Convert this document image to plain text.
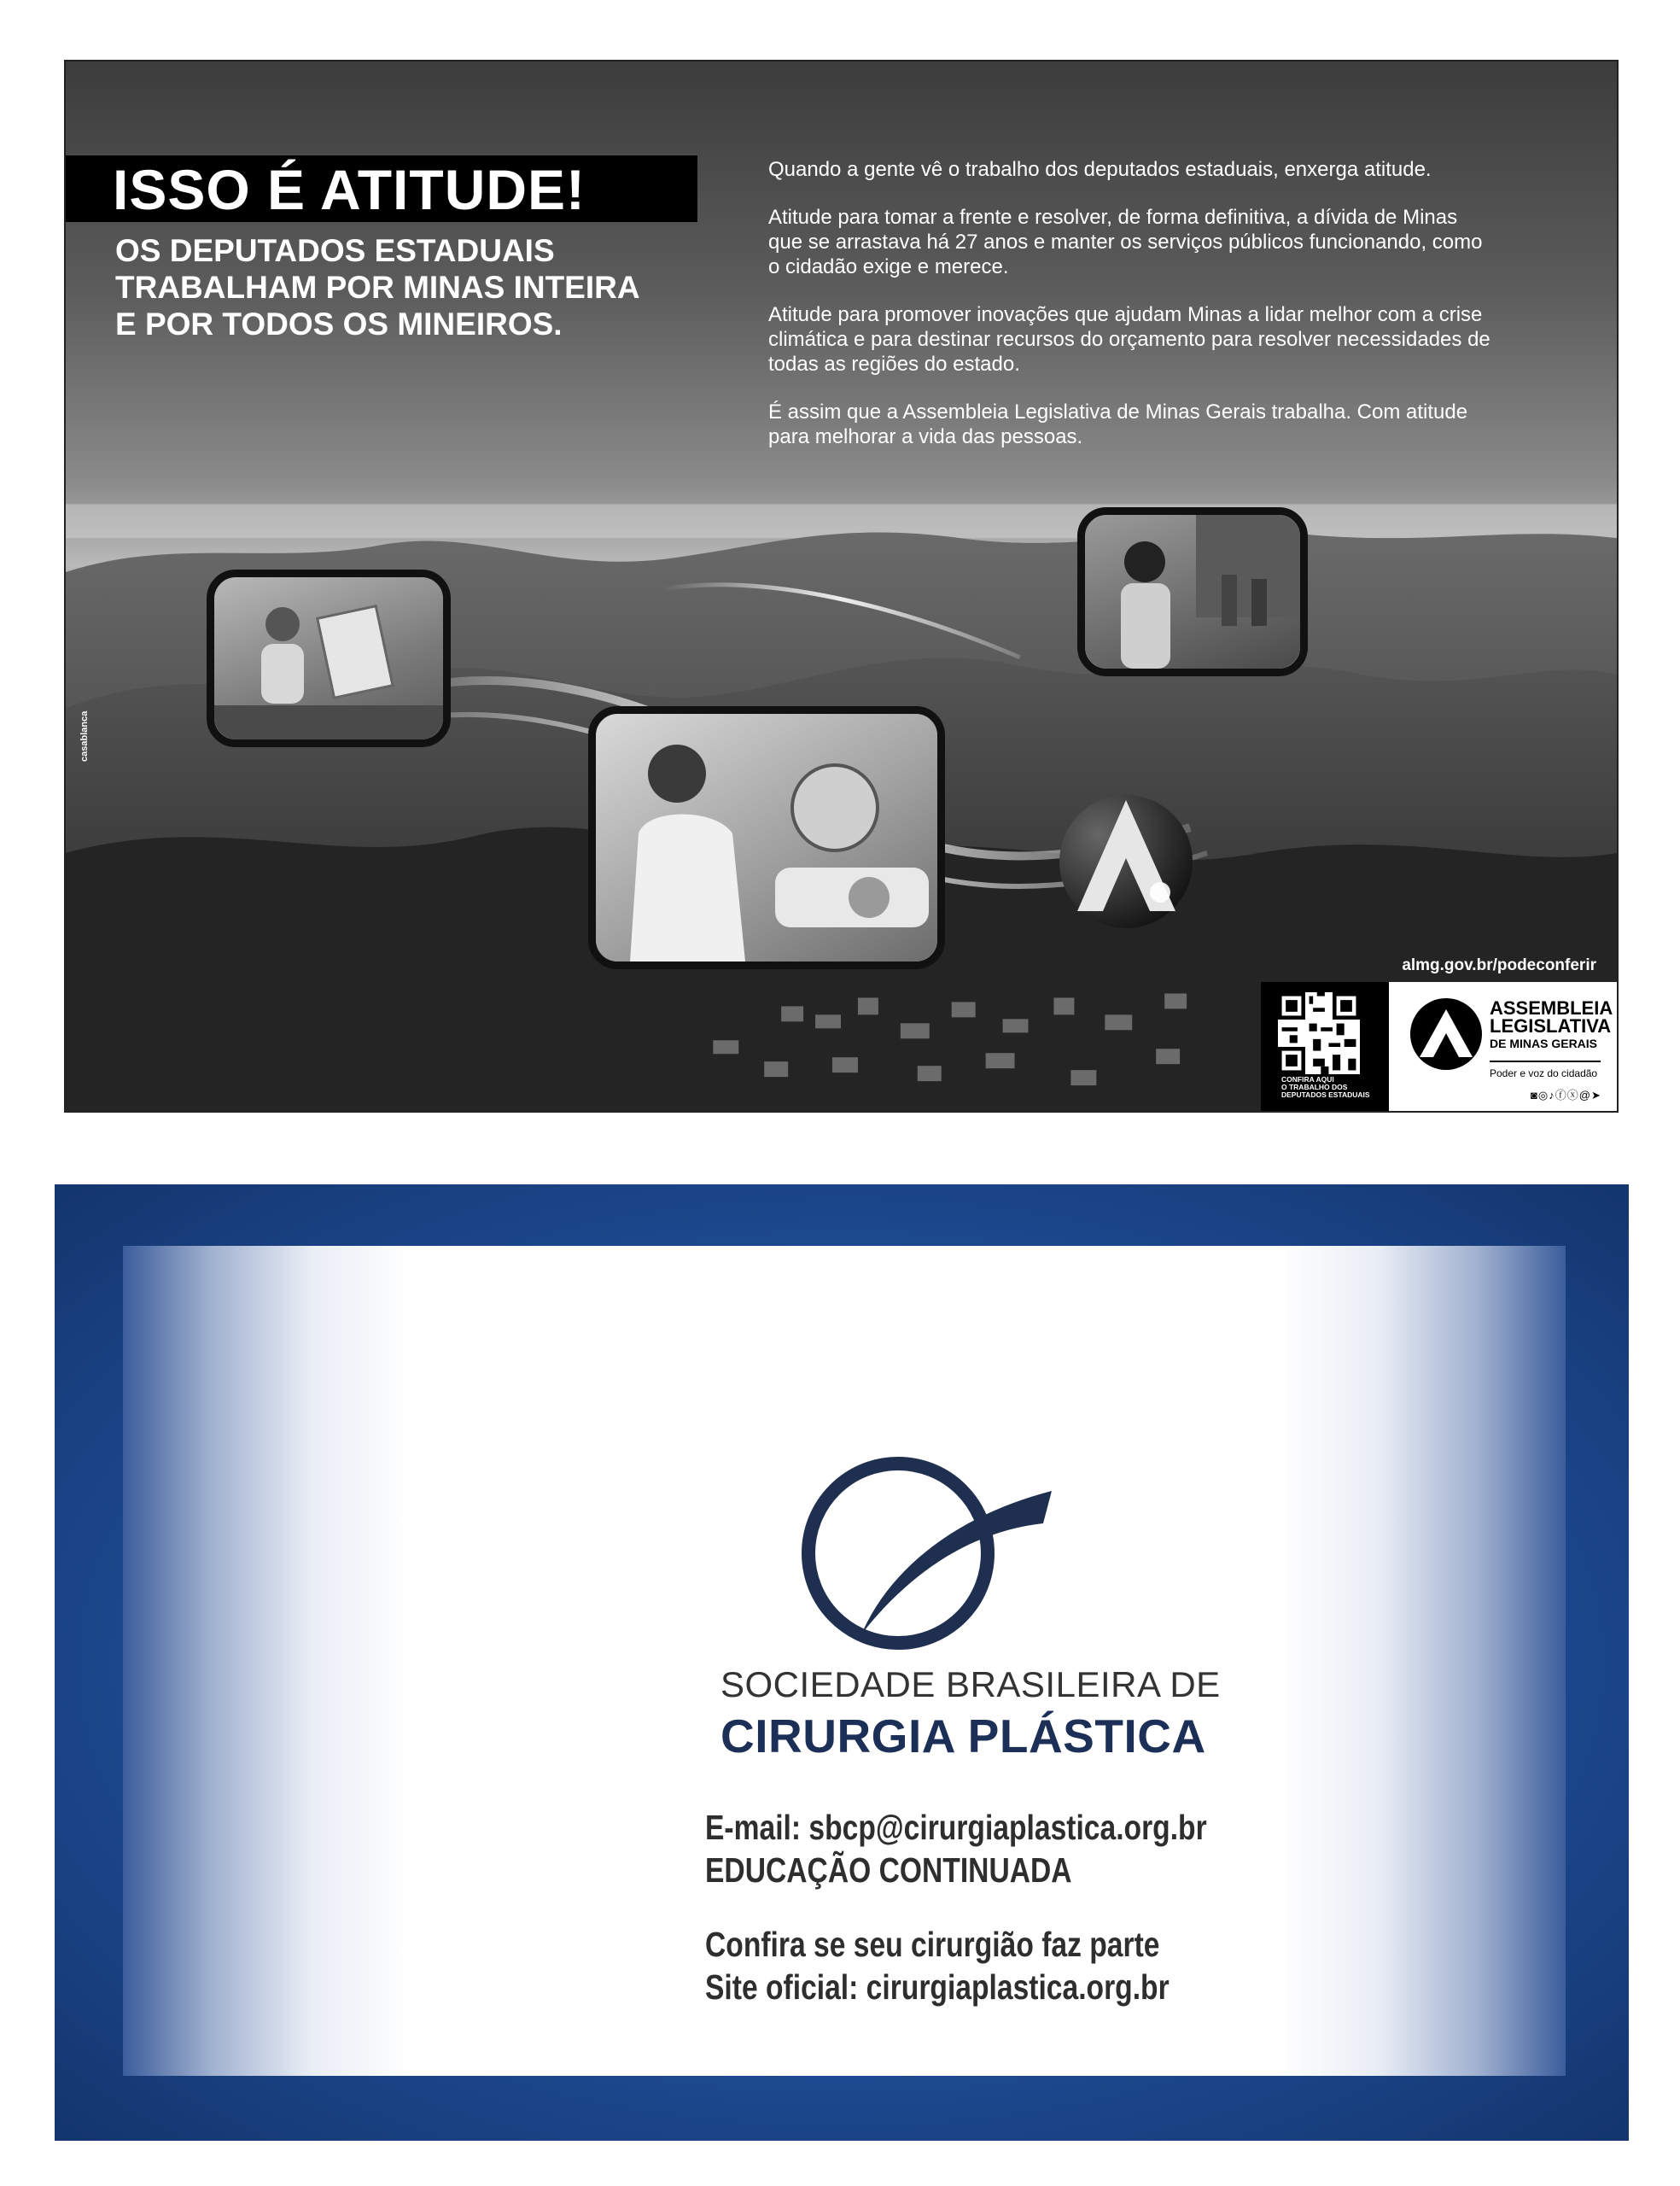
ISSO É ATITUDE!
OS DEPUTADOS ESTADUAIS
TRABALHAM POR MINAS INTEIRA
E POR TODOS OS MINEIROS.

Quando a gente vê o trabalho dos deputados estaduais, enxerga atitude.

Atitude para tomar a frente e resolver, de forma definitiva, a dívida de Minas
que se arrastava há 27 anos e manter os serviços públicos funcionando, como
o cidadão exige e merece.

Atitude para promover inovações que ajudam Minas a lidar melhor com a crise
climática e para destinar recursos do orçamento para resolver necessidades de
todas as regiões do estado.

É assim que a Assembleia Legislativa de Minas Gerais trabalha. Com atitude
para melhorar a vida das pessoas.

casablanca
almg.gov.br/podeconferir
CONFIRA AQUI
O TRABALHO DOS
DEPUTADOS ESTADUAIS
ASSEMBLEIA
LEGISLATIVA
DE MINAS GERAIS
Poder e voz do cidadão
◙◎♪ⓕⓧ@➤
SOCIEDADE BRASILEIRA DE
CIRURGIA PLÁSTICA
E-mail: sbcp@cirurgiaplastica.org.br
EDUCAÇÃO CONTINUADA
Confira se seu cirurgião faz parte
Site oficial: cirurgiaplastica.org.br
